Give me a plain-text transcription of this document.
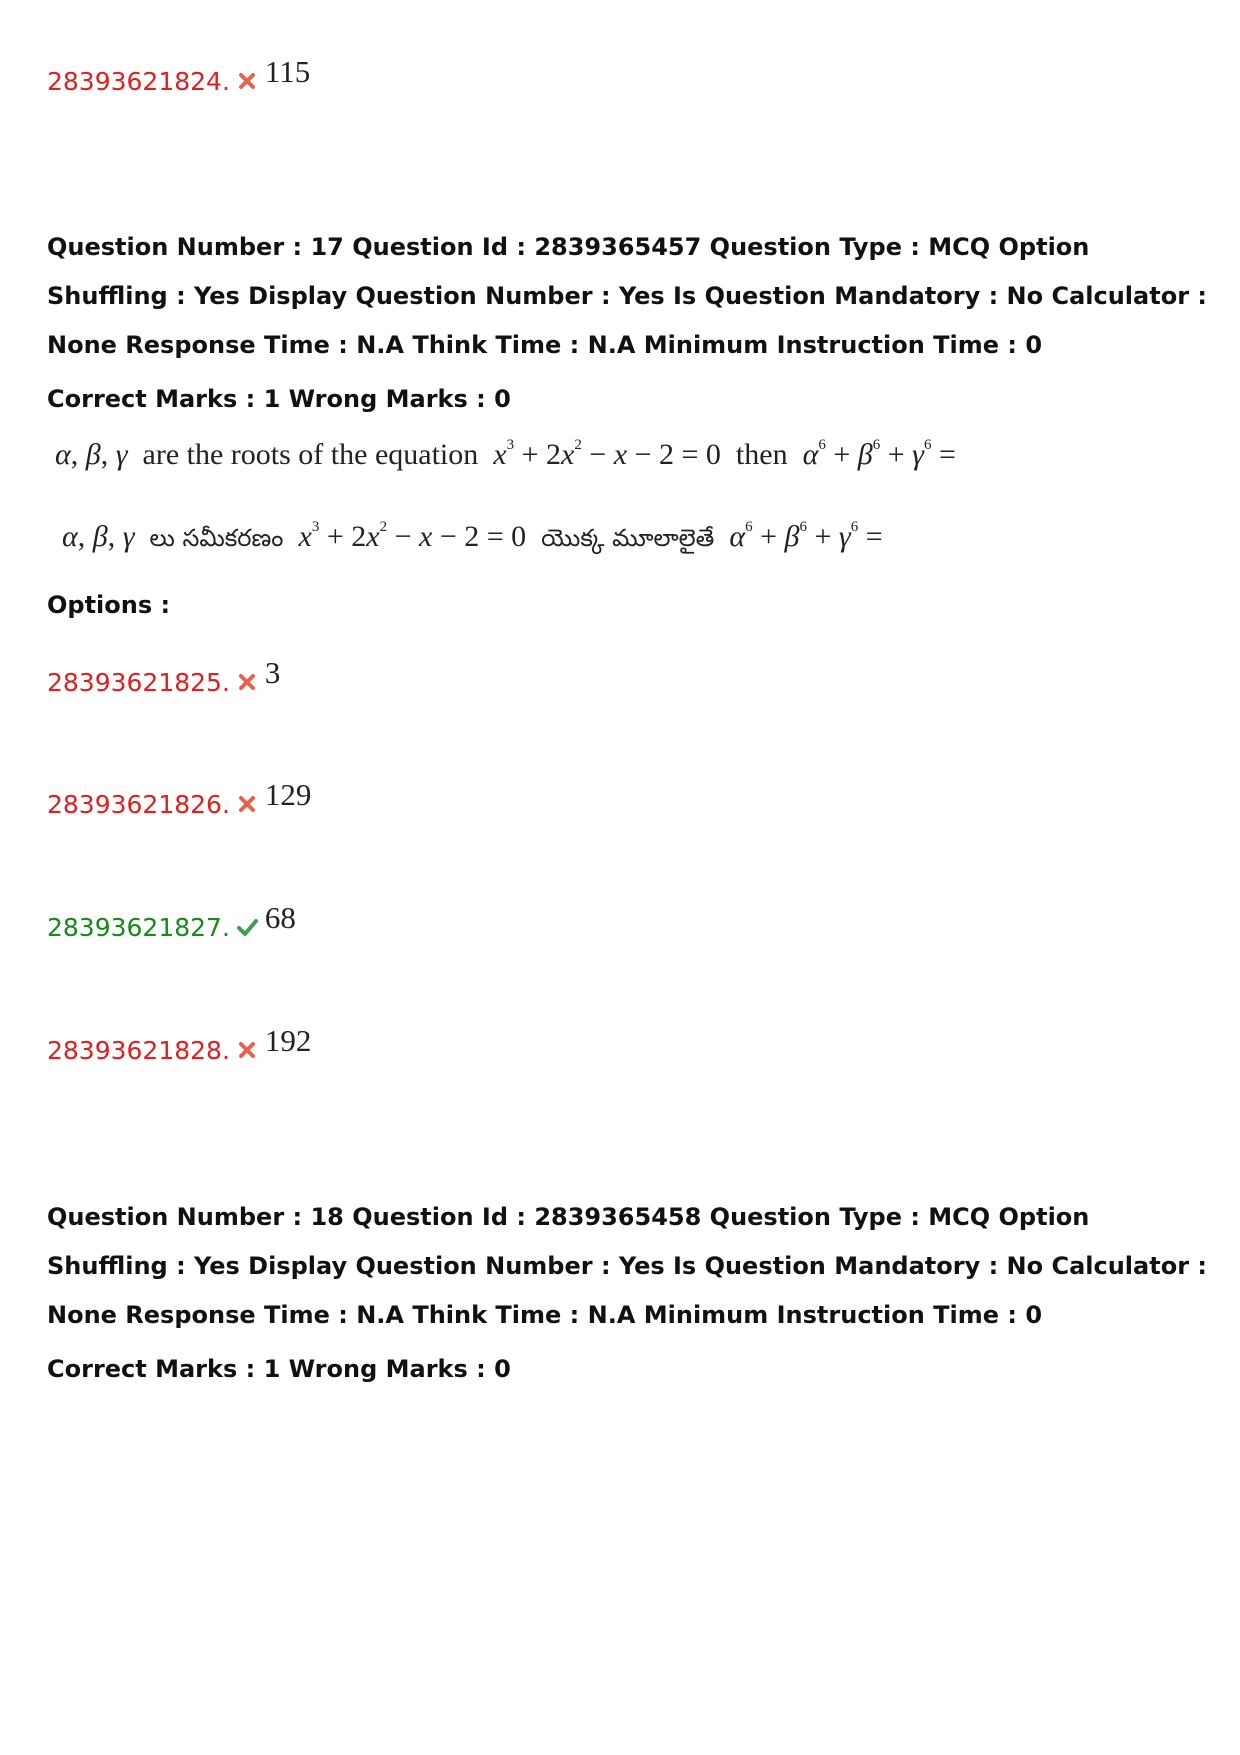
28393621824. 115
Question Number : 17 Question Id : 2839365457 Question Type : MCQ Option Shuffling : Yes Display Question Number : Yes Is Question Mandatory : No Calculator : None Response Time : N.A Think Time : N.A Minimum Instruction Time : 0
Correct Marks : 1 Wrong Marks : 0
α, β, γ are the roots of the equation $x^3 + 2x^2 - x - 2 = 0$  then $\alpha^6 + \beta^6 + \gamma^6$ =
α, β, γ లు సమీకరణం $x^3 + 2x^2 - x - 2 = 0$  యొక్క మూలాలైతే $\alpha^6 + \beta^6 + \gamma^6$ =
Options :
28393621825. 3
28393621826. 129
28393621827. 68
28393621828. 192
Question Number : 18 Question Id : 2839365458 Question Type : MCQ Option Shuffling : Yes Display Question Number : Yes Is Question Mandatory : No Calculator : None Response Time : N.A Think Time : N.A Minimum Instruction Time : 0
Correct Marks : 1 Wrong Marks : 0
